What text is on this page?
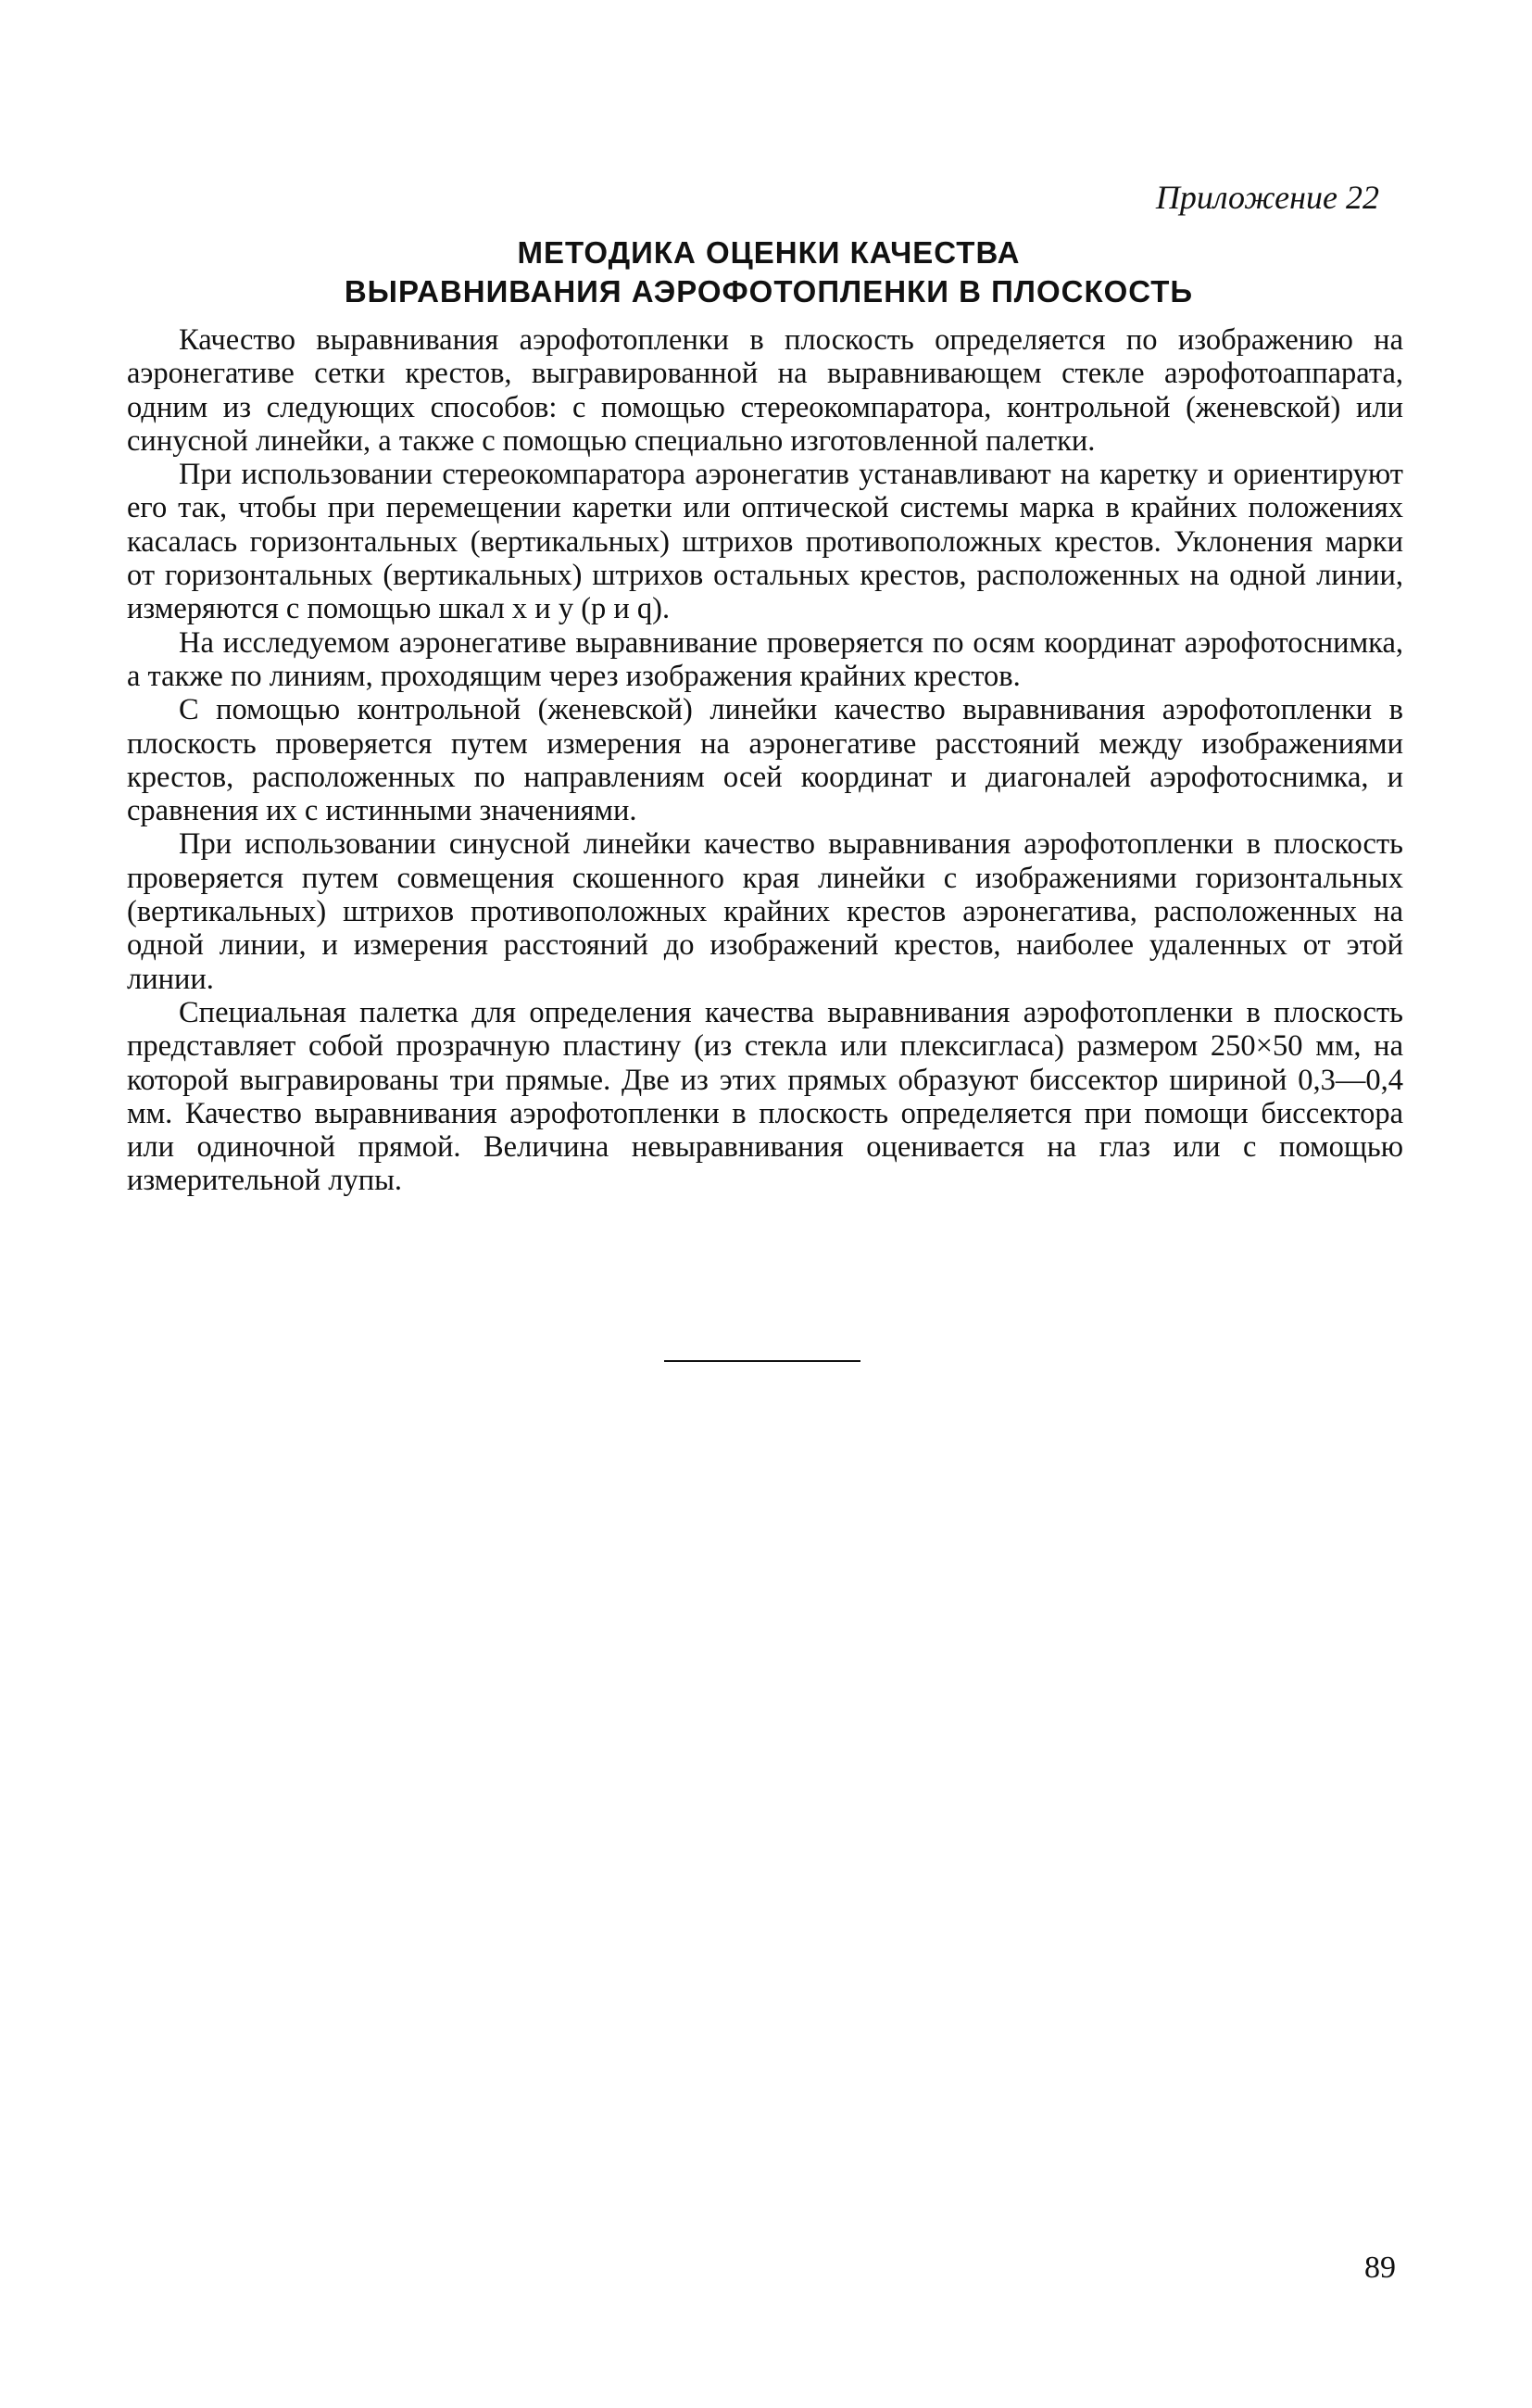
Приложение 22
МЕТОДИКА ОЦЕНКИ КАЧЕСТВА
ВЫРАВНИВАНИЯ АЭРОФОТОПЛЕНКИ В ПЛОСКОСТЬ

Качество выравнивания аэрофотопленки в плоскость определяется по изображению на аэронегативе сетки крестов, выгравированной на выравнивающем стекле аэрофотоаппарата, одним из следующих способов: с помощью стереокомпаратора, контрольной (женевской) или синусной линейки, а также с помощью специально изготовленной палетки.

При использовании стереокомпаратора аэронегатив устанавливают на каретку и ориентируют его так, чтобы при перемещении каретки или оптической системы марка в крайних положениях касалась горизонтальных (вертикальных) штрихов противоположных крестов. Уклонения марки от горизонтальных (вертикальных) штрихов остальных крестов, расположенных на одной линии, измеряются с помощью шкал x и y (p и q).

На исследуемом аэронегативе выравнивание проверяется по осям координат аэрофотоснимка, а также по линиям, проходящим через изображения крайних крестов.

С помощью контрольной (женевской) линейки качество выравнивания аэрофотопленки в плоскость проверяется путем измерения на аэронегативе расстояний между изображениями крестов, расположенных по направлениям осей координат и диагоналей аэрофотоснимка, и сравнения их с истинными значениями.

При использовании синусной линейки качество выравнивания аэрофотопленки в плоскость проверяется путем совмещения скошенного края линейки с изображениями горизонтальных (вертикальных) штрихов противоположных крайних крестов аэронегатива, расположенных на одной линии, и измерения расстояний до изображений крестов, наиболее удаленных от этой линии.

Специальная палетка для определения качества выравнивания аэрофотопленки в плоскость представляет собой прозрачную пластину (из стекла или плексигласа) размером 250×50 мм, на которой выгравированы три прямые. Две из этих прямых образуют биссектор шириной 0,3—0,4 мм. Качество выравнивания аэрофотопленки в плоскость определяется при помощи биссектора или одиночной прямой. Величина невыравнивания оценивается на глаз или с помощью измерительной лупы.

89
